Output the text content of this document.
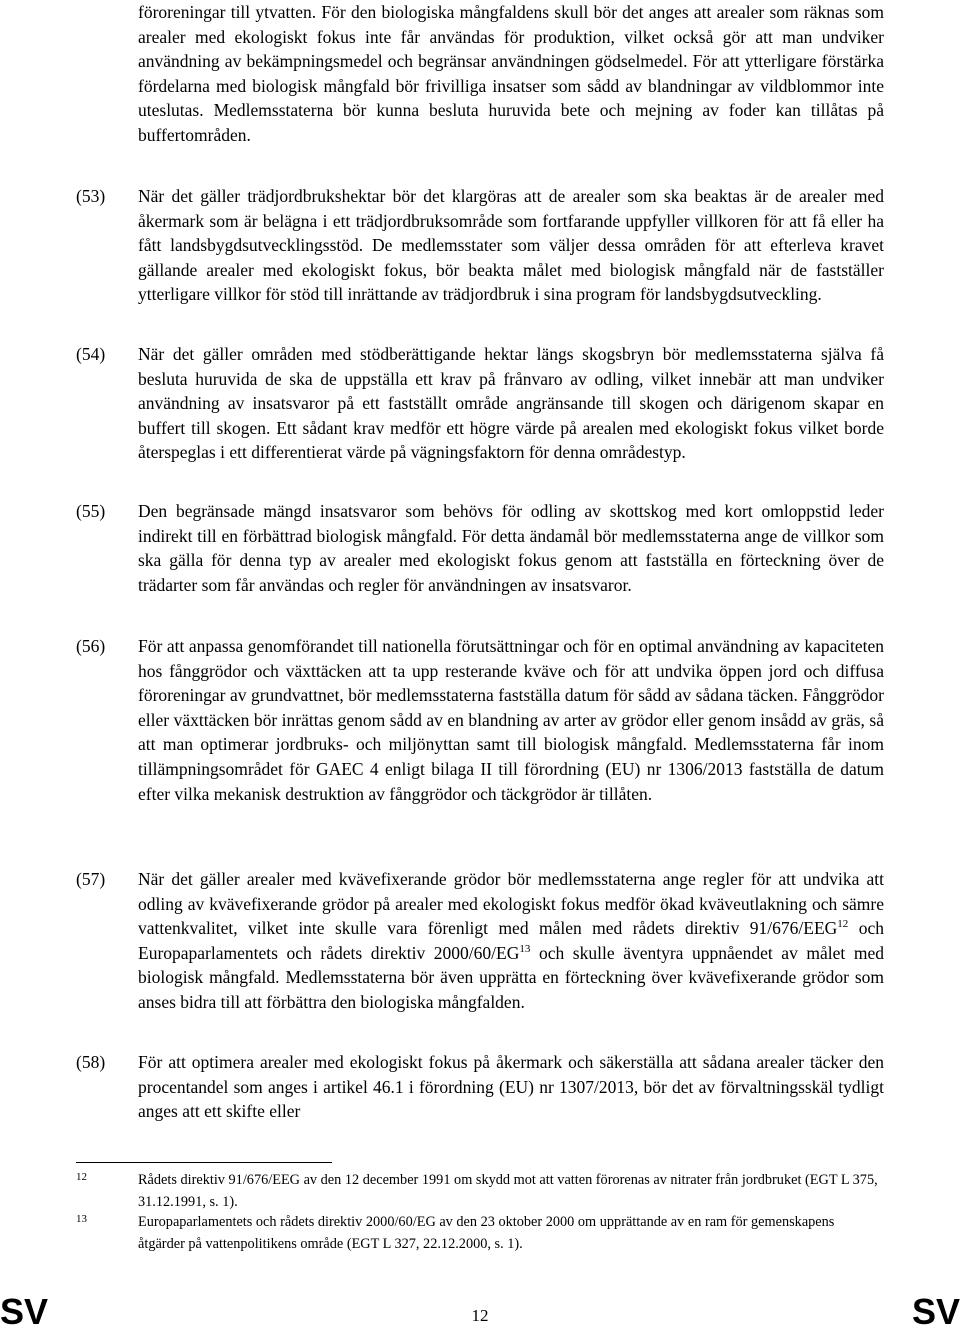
föroreningar till ytvatten. För den biologiska mångfaldens skull bör det anges att arealer som räknas som arealer med ekologiskt fokus inte får användas för produktion, vilket också gör att man undviker användning av bekämpningsmedel och begränsar användningen gödselmedel. För att ytterligare förstärka fördelarna med biologisk mångfald bör frivilliga insatser som sådd av blandningar av vildblommor inte uteslutas. Medlemsstaterna bör kunna besluta huruvida bete och mejning av foder kan tillåtas på buffertområden.

(53) När det gäller trädjordbrukshektar bör det klargöras att de arealer som ska beaktas är de arealer med åkermark som är belägna i ett trädjordbruksområde som fortfarande uppfyller villkoren för att få eller ha fått landsbygdsutvecklingsstöd. De medlemsstater som väljer dessa områden för att efterleva kravet gällande arealer med ekologiskt fokus, bör beakta målet med biologisk mångfald när de fastställer ytterligare villkor för stöd till inrättande av trädjordbruk i sina program för landsbygdsutveckling.

(54) När det gäller områden med stödberättigande hektar längs skogsbryn bör medlemsstaterna själva få besluta huruvida de ska de uppställa ett krav på frånvaro av odling, vilket innebär att man undviker användning av insatsvaror på ett fastställt område angränsande till skogen och därigenom skapar en buffert till skogen. Ett sådant krav medför ett högre värde på arealen med ekologiskt fokus vilket borde återspeglas i ett differentierat värde på vägningsfaktorn för denna områdestyp.

(55) Den begränsade mängd insatsvaror som behövs för odling av skottskog med kort omloppstid leder indirekt till en förbättrad biologisk mångfald. För detta ändamål bör medlemsstaterna ange de villkor som ska gälla för denna typ av arealer med ekologiskt fokus genom att fastställa en förteckning över de trädarter som får användas och regler för användningen av insatsvaror.

(56) För att anpassa genomförandet till nationella förutsättningar och för en optimal användning av kapaciteten hos fånggrödor och växttäcken att ta upp resterande kväve och för att undvika öppen jord och diffusa föroreningar av grundvattnet, bör medlemsstaterna fastställa datum för sådd av sådana täcken. Fånggrödor eller växttäcken bör inrättas genom sådd av en blandning av arter av grödor eller genom insådd av gräs, så att man optimerar jordbruks- och miljönyttan samt till biologisk mångfald. Medlemsstaterna får inom tillämpningsområdet för GAEC 4 enligt bilaga II till förordning (EU) nr 1306/2013 fastställa de datum efter vilka mekanisk destruktion av fånggrödor och täckgrödor är tillåten.

(57) När det gäller arealer med kvävefixerande grödor bör medlemsstaterna ange regler för att undvika att odling av kvävefixerande grödor på arealer med ekologiskt fokus medför ökad kväveutlakning och sämre vattenkvalitet, vilket inte skulle vara förenligt med målen med rådets direktiv 91/676/EEG$^{12}$ och Europaparlamentets och rådets direktiv 2000/60/EG$^{13}$ och skulle äventyra uppnåendet av målet med biologisk mångfald. Medlemsstaterna bör även upprätta en förteckning över kvävefixerande grödor som anses bidra till att förbättra den biologiska mångfalden.

(58) För att optimera arealer med ekologiskt fokus på åkermark och säkerställa att sådana arealer täcker den procentandel som anges i artikel 46.1 i förordning (EU) nr 1307/2013, bör det av förvaltningsskäl tydligt anges att ett skifte eller

12	Rådets direktiv 91/676/EEG av den 12 december 1991 om skydd mot att vatten förorenas av nitrater från jordbruket (EGT L 375, 31.12.1991, s. 1).

13	Europaparlamentets och rådets direktiv 2000/60/EG av den 23 oktober 2000 om upprättande av en ram för gemenskapens åtgärder på vattenpolitikens område (EGT L 327, 22.12.2000, s. 1).

SV	12	SV
